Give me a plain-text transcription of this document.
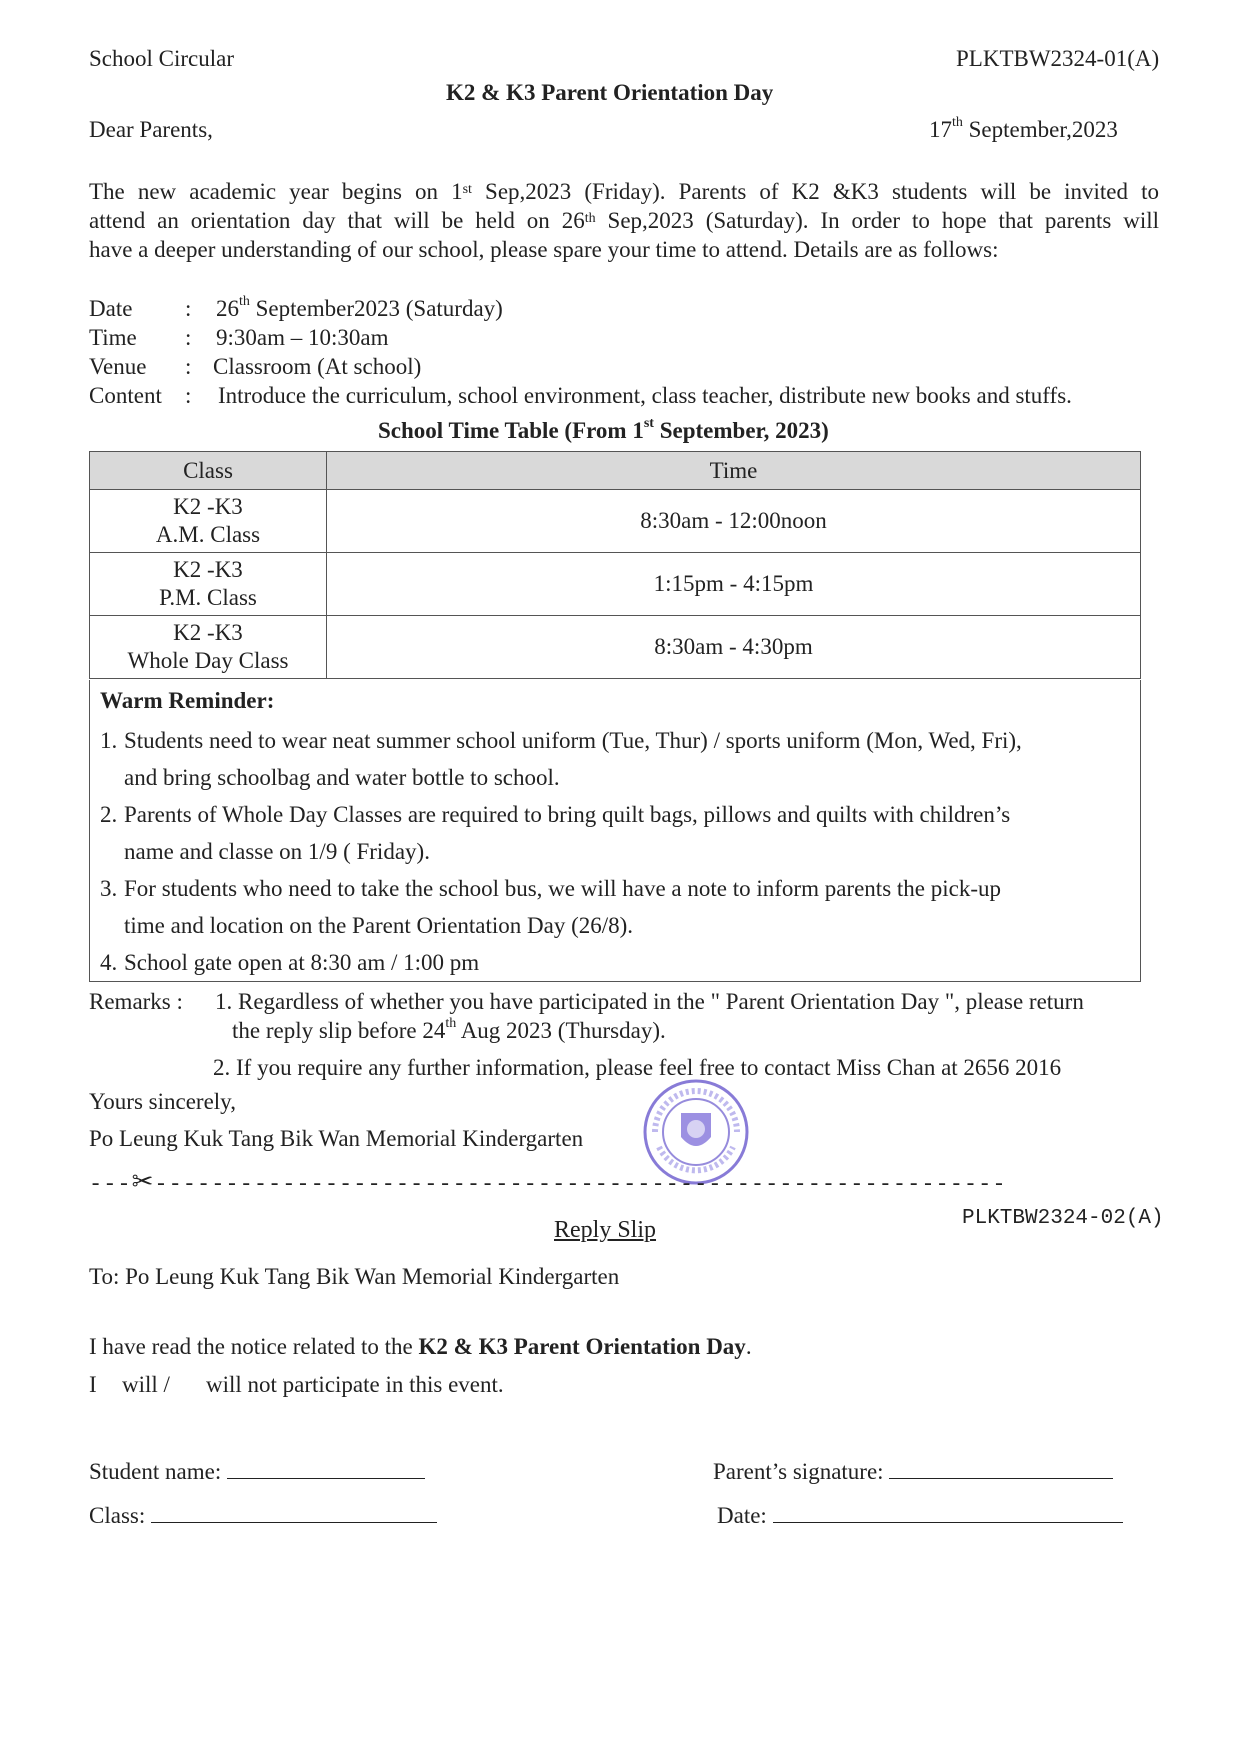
School Circular	PLKTBW2324-01(A)
K2 & K3 Parent Orientation Day
Dear Parents,	17th September,2023
The new academic year begins on 1st Sep,2023 (Friday). Parents of K2 &K3 students will be invited to
attend an orientation day that will be held on 26th Sep,2023 (Saturday). In order to hope that parents will
have a deeper understanding of our school, please spare your time to attend. Details are as follows:
Date : 26th September2023 (Saturday)
Time : 9:30am – 10:30am
Venue : Classroom (At school)
Content : Introduce the curriculum, school environment, class teacher, distribute new books and stuffs.
School Time Table (From 1st September, 2023)
Class	Time
K2 -K3
A.M. Class	8:30am - 12:00noon
K2 -K3
P.M. Class	1:15pm - 4:15pm
K2 -K3
Whole Day Class	8:30am - 4:30pm
Warm Reminder:
1. Students need to wear neat summer school uniform (Tue, Thur) / sports uniform (Mon, Wed, Fri),
and bring schoolbag and water bottle to school.
2. Parents of Whole Day Classes are required to bring quilt bags, pillows and quilts with children’s
name and classe on 1/9 ( Friday).
3. For students who need to take the school bus, we will have a note to inform parents the pick-up
time and location on the Parent Orientation Day (26/8).
4. School gate open at 8:30 am / 1:00 pm
Remarks : 1. Regardless of whether you have participated in the " Parent Orientation Day ", please return
the reply slip before 24th Aug 2023 (Thursday).
2. If you require any further information, please feel free to contact Miss Chan at 2656 2016
Yours sincerely,
Po Leung Kuk Tang Bik Wan Memorial Kindergarten
---✂------------------------------------------------------------
PLKTBW2324-02(A)
Reply Slip
To: Po Leung Kuk Tang Bik Wan Memorial Kindergarten
I have read the notice related to the K2 & K3 Parent Orientation Day.
I will / will not participate in this event.
Student name:	Parent’s signature:
Class:	Date:
